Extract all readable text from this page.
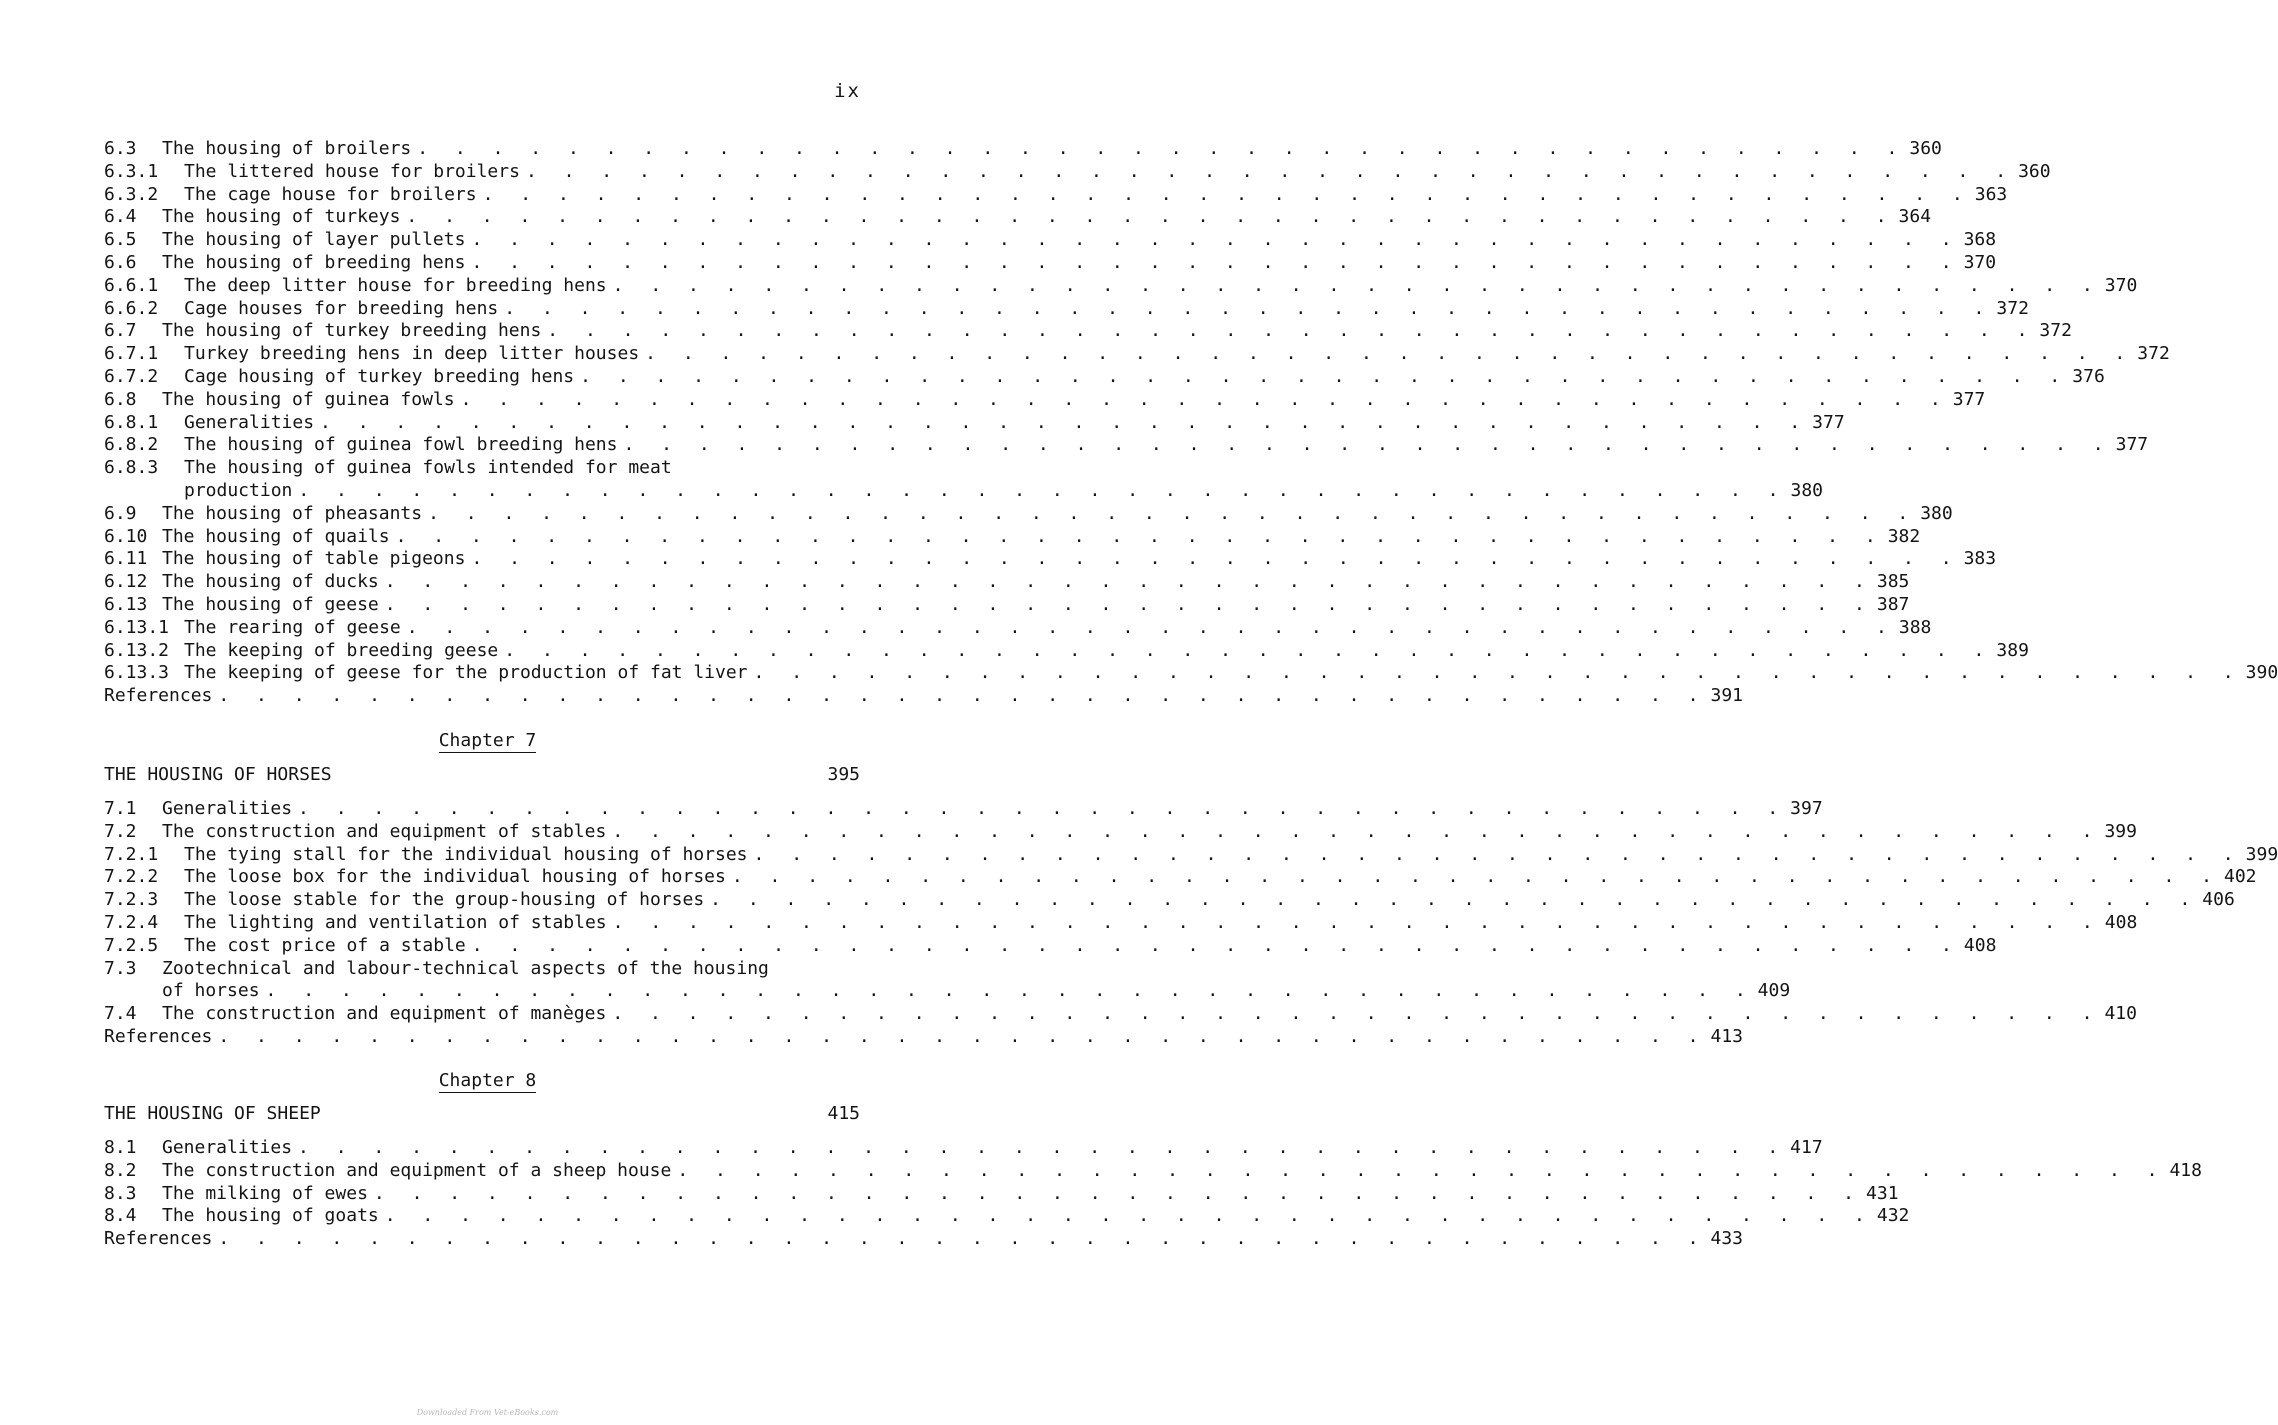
ix
6.3	The housing of broilers . . . . . . . . . . . . . . . . . . . . . . . . . . . . . . . . . . . . . . . . 360
6.3.1	The littered house for broilers . . . . . . . . . . . . . . . . . . . . . . . . . . . . . . . . . . . . . . . . 360
6.3.2	The cage house for broilers . . . . . . . . . . . . . . . . . . . . . . . . . . . . . . . . . . . . . . . . 363
6.4	The housing of turkeys . . . . . . . . . . . . . . . . . . . . . . . . . . . . . . . . . . . . . . . . 364
6.5	The housing of layer pullets . . . . . . . . . . . . . . . . . . . . . . . . . . . . . . . . . . . . . . . . 368
6.6	The housing of breeding hens . . . . . . . . . . . . . . . . . . . . . . . . . . . . . . . . . . . . . . . . 370
6.6.1	The deep litter house for breeding hens . . . . . . . . . . . . . . . . . . . . . . . . . . . . . . . . . . . . . . . . 370
6.6.2	Cage houses for breeding hens . . . . . . . . . . . . . . . . . . . . . . . . . . . . . . . . . . . . . . . . 372
6.7	The housing of turkey breeding hens . . . . . . . . . . . . . . . . . . . . . . . . . . . . . . . . . . . . . . . . 372
6.7.1	Turkey breeding hens in deep litter houses . . . . . . . . . . . . . . . . . . . . . . . . . . . . . . . . . . . . . . . . 372
6.7.2	Cage housing of turkey breeding hens . . . . . . . . . . . . . . . . . . . . . . . . . . . . . . . . . . . . . . . . 376
6.8	The housing of guinea fowls . . . . . . . . . . . . . . . . . . . . . . . . . . . . . . . . . . . . . . . . 377
6.8.1	Generalities . . . . . . . . . . . . . . . . . . . . . . . . . . . . . . . . . . . . . . . . 377
6.8.2	The housing of guinea fowl breeding hens . . . . . . . . . . . . . . . . . . . . . . . . . . . . . . . . . . . . . . . . 377
6.8.3 The housing of guinea fowls intended for meat
production . . . . . . . . . . . . . . . . . . . . . . . . . . . . . . . . . . . . . . . . 380
6.9	The housing of pheasants . . . . . . . . . . . . . . . . . . . . . . . . . . . . . . . . . . . . . . . . 380
6.10 The housing of quails . . . . . . . . . . . . . . . . . . . . . . . . . . . . . . . . . . . . . . . . 382
6.11 The housing of table pigeons . . . . . . . . . . . . . . . . . . . . . . . . . . . . . . . . . . . . . . . . 383
6.12 The housing of ducks . . . . . . . . . . . . . . . . . . . . . . . . . . . . . . . . . . . . . . . . 385
6.13 The housing of geese . . . . . . . . . . . . . . . . . . . . . . . . . . . . . . . . . . . . . . . . 387
6.13.1 The rearing of geese . . . . . . . . . . . . . . . . . . . . . . . . . . . . . . . . . . . . . . . . 388
6.13.2 The keeping of breeding geese . . . . . . . . . . . . . . . . . . . . . . . . . . . . . . . . . . . . . . . . 389
6.13.3 The keeping of geese for the production of fat liver . . . . . . . . . . . . . . . . . . . . . . . . . . . . . . . . . . . . . . . . 390
References . . . . . . . . . . . . . . . . . . . . . . . . . . . . . . . . . . . . . . . . 391
Chapter 7
THE HOUSING OF HORSES	395
7.1	Generalities . . . . . . . . . . . . . . . . . . . . . . . . . . . . . . . . . . . . . . . . 397
7.2	The construction and equipment of stables . . . . . . . . . . . . . . . . . . . . . . . . . . . . . . . . . . . . . . . . 399
7.2.1	The tying stall for the individual housing of horses . . . . . . . . . . . . . . . . . . . . . . . . . . . . . . . . . . . . . . . . 399
7.2.2	The loose box for the individual housing of horses . . . . . . . . . . . . . . . . . . . . . . . . . . . . . . . . . . . . . . . . 402
7.2.3	The loose stable for the group-housing of horses . . . . . . . . . . . . . . . . . . . . . . . . . . . . . . . . . . . . . . . . 406
7.2.4	The lighting and ventilation of stables . . . . . . . . . . . . . . . . . . . . . . . . . . . . . . . . . . . . . . . . 408
7.2.5	The cost price of a stable . . . . . . . . . . . . . . . . . . . . . . . . . . . . . . . . . . . . . . . . 408
7.3 Zootechnical and labour-technical aspects of the housing
of horses . . . . . . . . . . . . . . . . . . . . . . . . . . . . . . . . . . . . . . . . 409
7.4	The construction and equipment of manèges . . . . . . . . . . . . . . . . . . . . . . . . . . . . . . . . . . . . . . . . 410
References . . . . . . . . . . . . . . . . . . . . . . . . . . . . . . . . . . . . . . . . 413
Chapter 8
THE HOUSING OF SHEEP	415
8.1	Generalities . . . . . . . . . . . . . . . . . . . . . . . . . . . . . . . . . . . . . . . . 417
8.2	The construction and equipment of a sheep house . . . . . . . . . . . . . . . . . . . . . . . . . . . . . . . . . . . . . . . . 418
8.3	The milking of ewes . . . . . . . . . . . . . . . . . . . . . . . . . . . . . . . . . . . . . . . . 431
8.4	The housing of goats . . . . . . . . . . . . . . . . . . . . . . . . . . . . . . . . . . . . . . . . 432
References . . . . . . . . . . . . . . . . . . . . . . . . . . . . . . . . . . . . . . . . 433
Downloaded From Vet-eBooks.com
